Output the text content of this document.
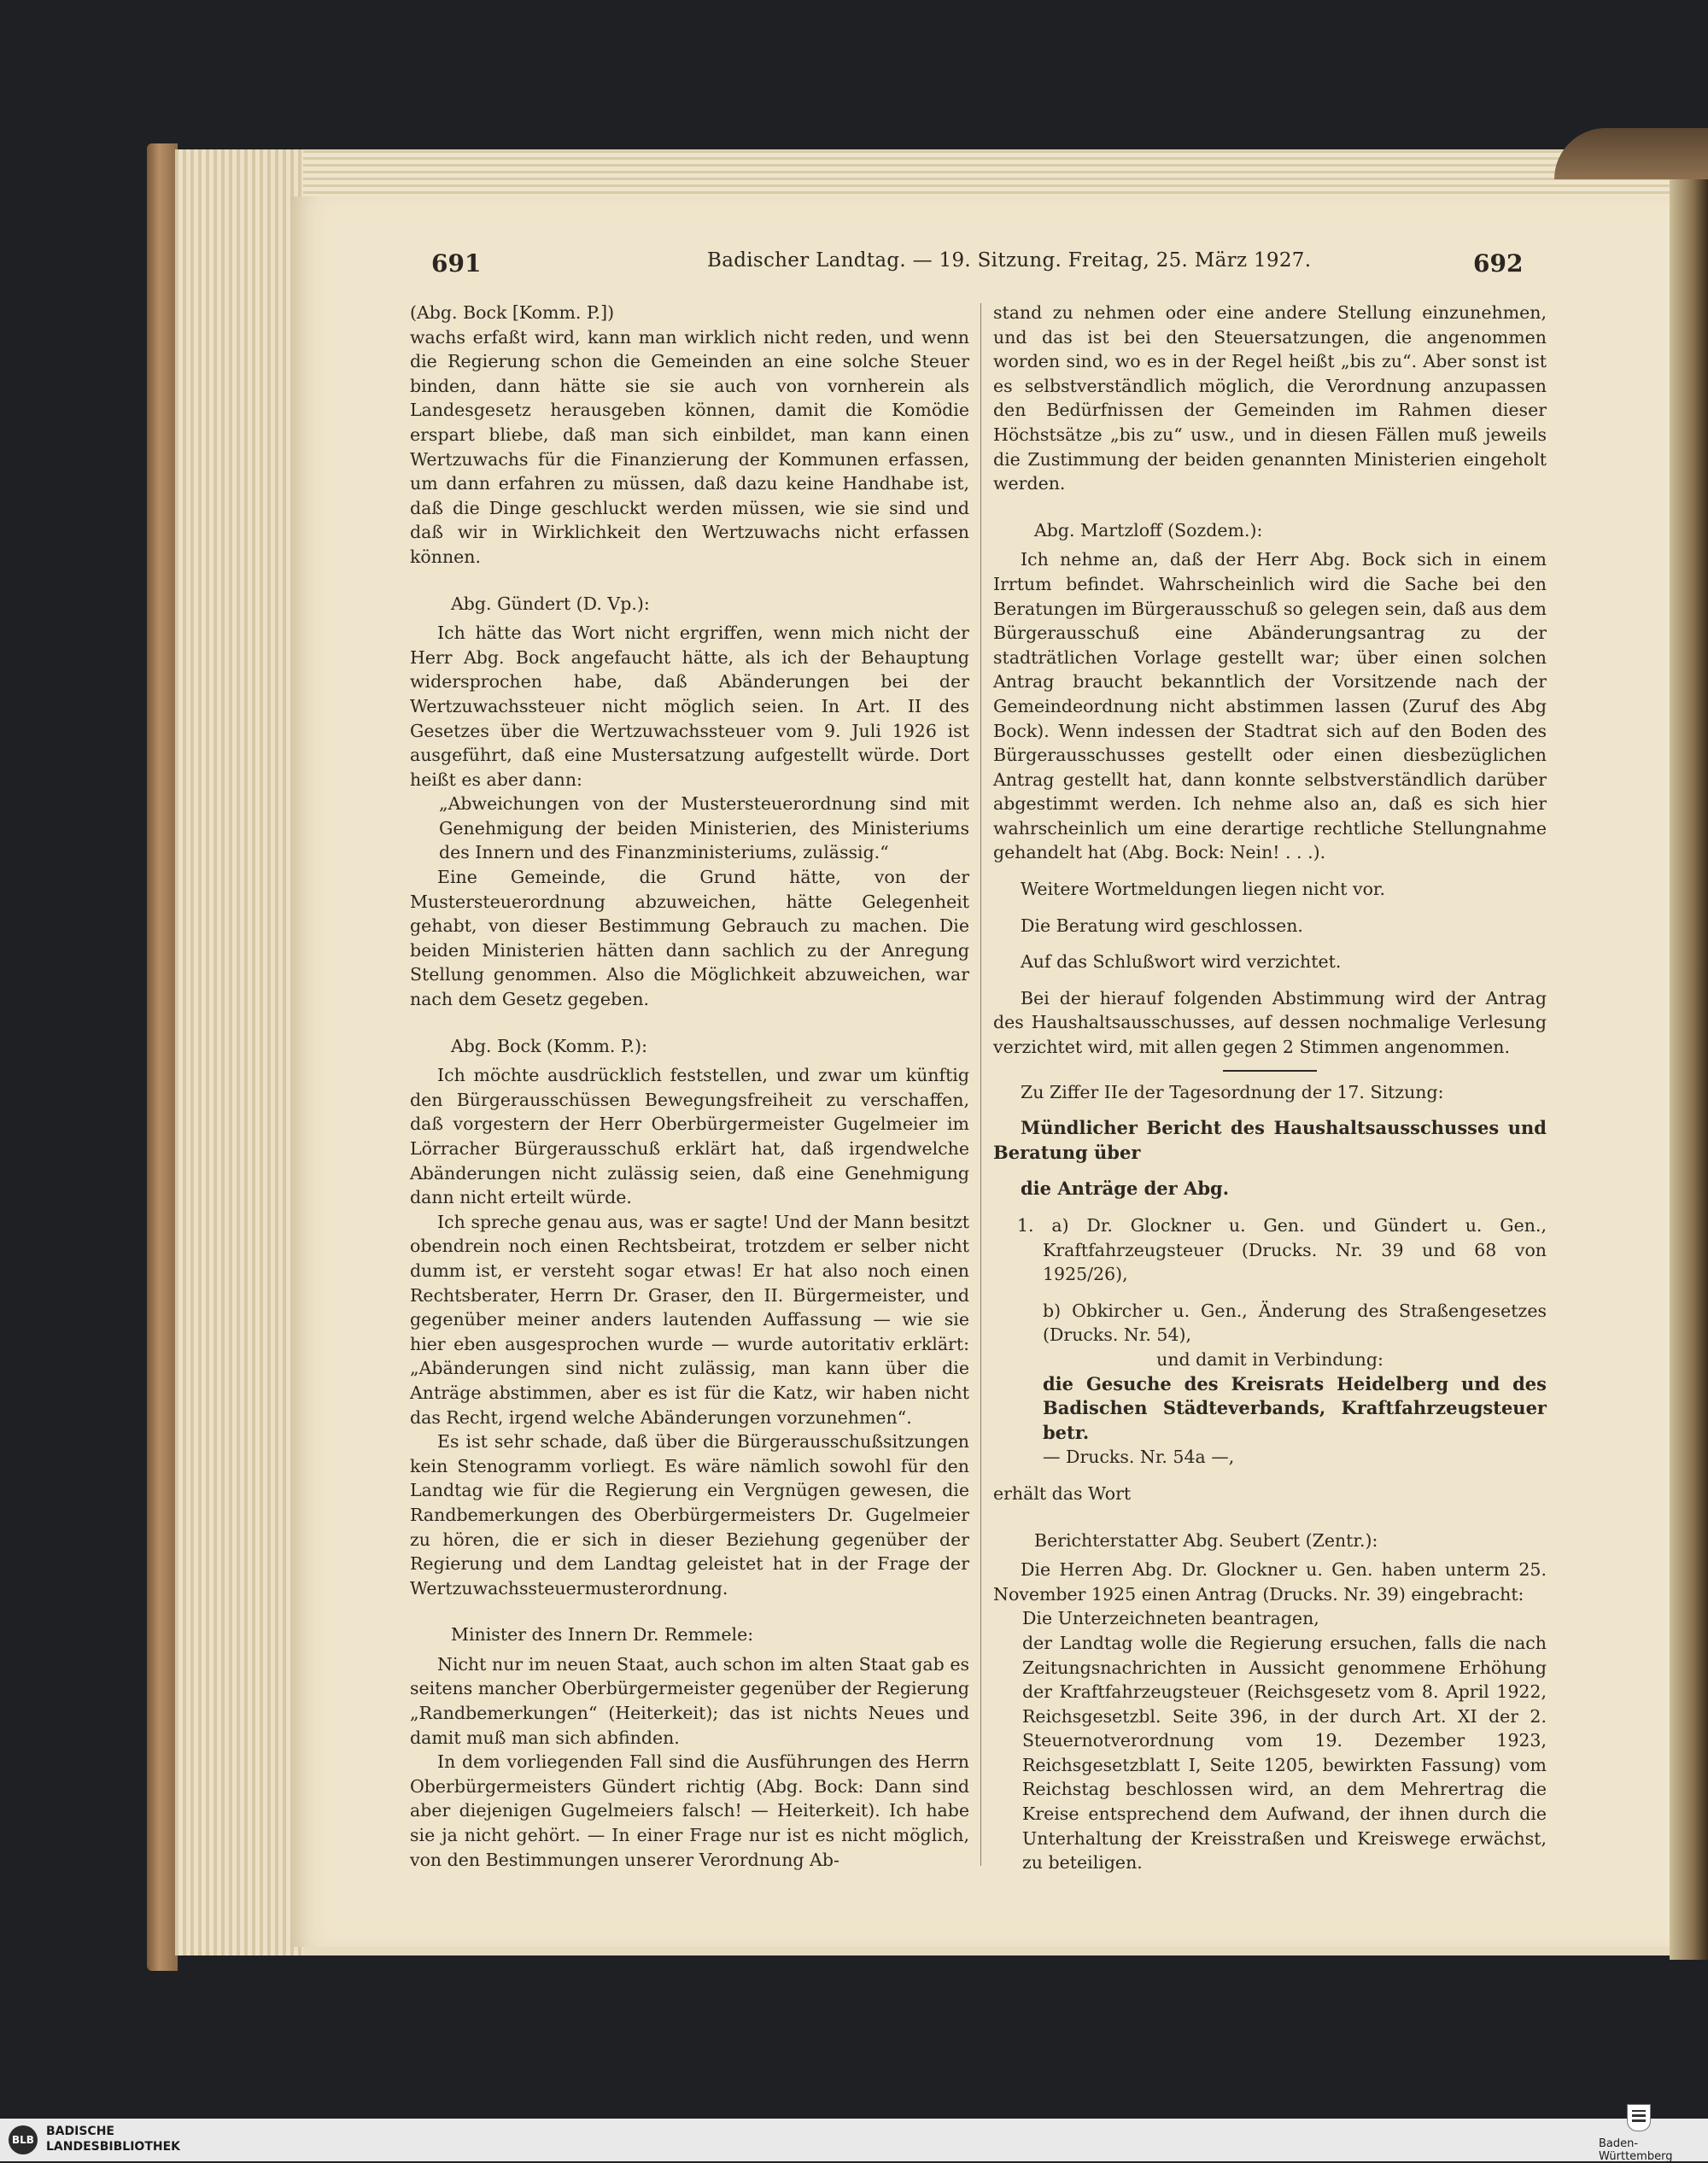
691	Badischer Landtag. — 19. Sitzung. Freitag, 25. März 1927.	692

(Abg. Bock [Komm. P.])

wachs erfaßt wird, kann man wirklich nicht reden, und wenn die Regierung schon die Gemeinden an eine solche Steuer binden, dann hätte sie sie auch von vornherein als Landesgesetz herausgeben können, damit die Komödie erspart bliebe, daß man sich einbildet, man kann einen Wertzuwachs für die Finanzierung der Kommunen erfassen, um dann erfahren zu müssen, daß dazu keine Handhabe ist, daß die Dinge geschluckt werden müssen, wie sie sind und daß wir in Wirklichkeit den Wertzuwachs nicht erfassen können.

Abg. Gündert (D. Vp.):

Ich hätte das Wort nicht ergriffen, wenn mich nicht der Herr Abg. Bock angefaucht hätte, als ich der Behauptung widersprochen habe, daß Abänderungen bei der Wertzuwachssteuer nicht möglich seien. In Art. II des Gesetzes über die Wertzuwachssteuer vom 9. Juli 1926 ist ausgeführt, daß eine Mustersatzung aufgestellt würde. Dort heißt es aber dann:

„Abweichungen von der Mustersteuerordnung sind mit Genehmigung der beiden Ministerien, des Ministeriums des Innern und des Finanzministeriums, zulässig.“

Eine Gemeinde, die Grund hätte, von der Mustersteuerordnung abzuweichen, hätte Gelegenheit gehabt, von dieser Bestimmung Gebrauch zu machen. Die beiden Ministerien hätten dann sachlich zu der Anregung Stellung genommen. Also die Möglichkeit abzuweichen, war nach dem Gesetz gegeben.

Abg. Bock (Komm. P.):

Ich möchte ausdrücklich feststellen, und zwar um künftig den Bürgerausschüssen Bewegungsfreiheit zu verschaffen, daß vorgestern der Herr Oberbürgermeister Gugelmeier im Lörracher Bürgerausschuß erklärt hat, daß irgendwelche Abänderungen nicht zulässig seien, daß eine Genehmigung dann nicht erteilt würde.

Ich spreche genau aus, was er sagte! Und der Mann besitzt obendrein noch einen Rechtsbeirat, trotzdem er selber nicht dumm ist, er versteht sogar etwas! Er hat also noch einen Rechtsberater, Herrn Dr. Graser, den II. Bürgermeister, und gegenüber meiner anders lautenden Auffassung — wie sie hier eben ausgesprochen wurde — wurde autoritativ erklärt: „Abänderungen sind nicht zulässig, man kann über die Anträge abstimmen, aber es ist für die Katz, wir haben nicht das Recht, irgend welche Abänderungen vorzunehmen“.

Es ist sehr schade, daß über die Bürgerausschußsitzungen kein Stenogramm vorliegt. Es wäre nämlich sowohl für den Landtag wie für die Regierung ein Vergnügen gewesen, die Randbemerkungen des Oberbürgermeisters Dr. Gugelmeier zu hören, die er sich in dieser Beziehung gegenüber der Regierung und dem Landtag geleistet hat in der Frage der Wertzuwachssteuermusterordnung.

Minister des Innern Dr. Remmele:

Nicht nur im neuen Staat, auch schon im alten Staat gab es seitens mancher Oberbürgermeister gegenüber der Regierung „Randbemerkungen“ (Heiterkeit); das ist nichts Neues und damit muß man sich abfinden.

In dem vorliegenden Fall sind die Ausführungen des Herrn Oberbürgermeisters Gündert richtig (Abg. Bock: Dann sind aber diejenigen Gugelmeiers falsch! — Heiterkeit). Ich habe sie ja nicht gehört. — In einer Frage nur ist es nicht möglich, von den Bestimmungen unserer Verordnung Ab-

stand zu nehmen oder eine andere Stellung einzunehmen, und das ist bei den Steuersatzungen, die angenommen worden sind, wo es in der Regel heißt „bis zu“. Aber sonst ist es selbstverständlich möglich, die Verordnung anzupassen den Bedürfnissen der Gemeinden im Rahmen dieser Höchstsätze „bis zu“ usw., und in diesen Fällen muß jeweils die Zustimmung der beiden genannten Ministerien eingeholt werden.

Abg. Martzloff (Sozdem.):

Ich nehme an, daß der Herr Abg. Bock sich in einem Irrtum befindet. Wahrscheinlich wird die Sache bei den Beratungen im Bürgerausschuß so gelegen sein, daß aus dem Bürgerausschuß eine Abänderungsantrag zu der stadträtlichen Vorlage gestellt war; über einen solchen Antrag braucht bekanntlich der Vorsitzende nach der Gemeindeordnung nicht abstimmen lassen (Zuruf des Abg Bock). Wenn indessen der Stadtrat sich auf den Boden des Bürgerausschusses gestellt oder einen diesbezüglichen Antrag gestellt hat, dann konnte selbstverständlich darüber abgestimmt werden. Ich nehme also an, daß es sich hier wahrscheinlich um eine derartige rechtliche Stellungnahme gehandelt hat (Abg. Bock: Nein! . . .).

Weitere Wortmeldungen liegen nicht vor.

Die Beratung wird geschlossen.

Auf das Schlußwort wird verzichtet.

Bei der hierauf folgenden Abstimmung wird der Antrag des Haushaltsausschusses, auf dessen nochmalige Verlesung verzichtet wird, mit allen gegen 2 Stimmen angenommen.

Zu Ziffer IIe der Tagesordnung der 17. Sitzung:

Mündlicher Bericht des Haushaltsausschusses und Beratung über

die Anträge der Abg.

1. a) Dr. Glockner u. Gen. und Gündert u. Gen., Kraftfahrzeugsteuer (Drucks. Nr. 39 und 68 von 1925/26),

b) Obkircher u. Gen., Änderung des Straßengesetzes (Drucks. Nr. 54),

und damit in Verbindung:

die Gesuche des Kreisrats Heidelberg und des Badischen Städteverbands, Kraftfahrzeugsteuer betr.

— Drucks. Nr. 54a —,

erhält das Wort

Berichterstatter Abg. Seubert (Zentr.):

Die Herren Abg. Dr. Glockner u. Gen. haben unterm 25. November 1925 einen Antrag (Drucks. Nr. 39) eingebracht:

Die Unterzeichneten beantragen,

der Landtag wolle die Regierung ersuchen, falls die nach Zeitungsnachrichten in Aussicht genommene Erhöhung der Kraftfahrzeugsteuer (Reichsgesetz vom 8. April 1922, Reichsgesetzbl. Seite 396, in der durch Art. XI der 2. Steuernotverordnung vom 19. Dezember 1923, Reichsgesetzblatt I, Seite 1205, bewirkten Fassung) vom Reichstag beschlossen wird, an dem Mehrertrag die Kreise entsprechend dem Aufwand, der ihnen durch die Unterhaltung der Kreisstraßen und Kreiswege erwächst, zu beteiligen.

BLB
BADISCHE
LANDESBIBLIOTHEK	Baden-Württemberg
